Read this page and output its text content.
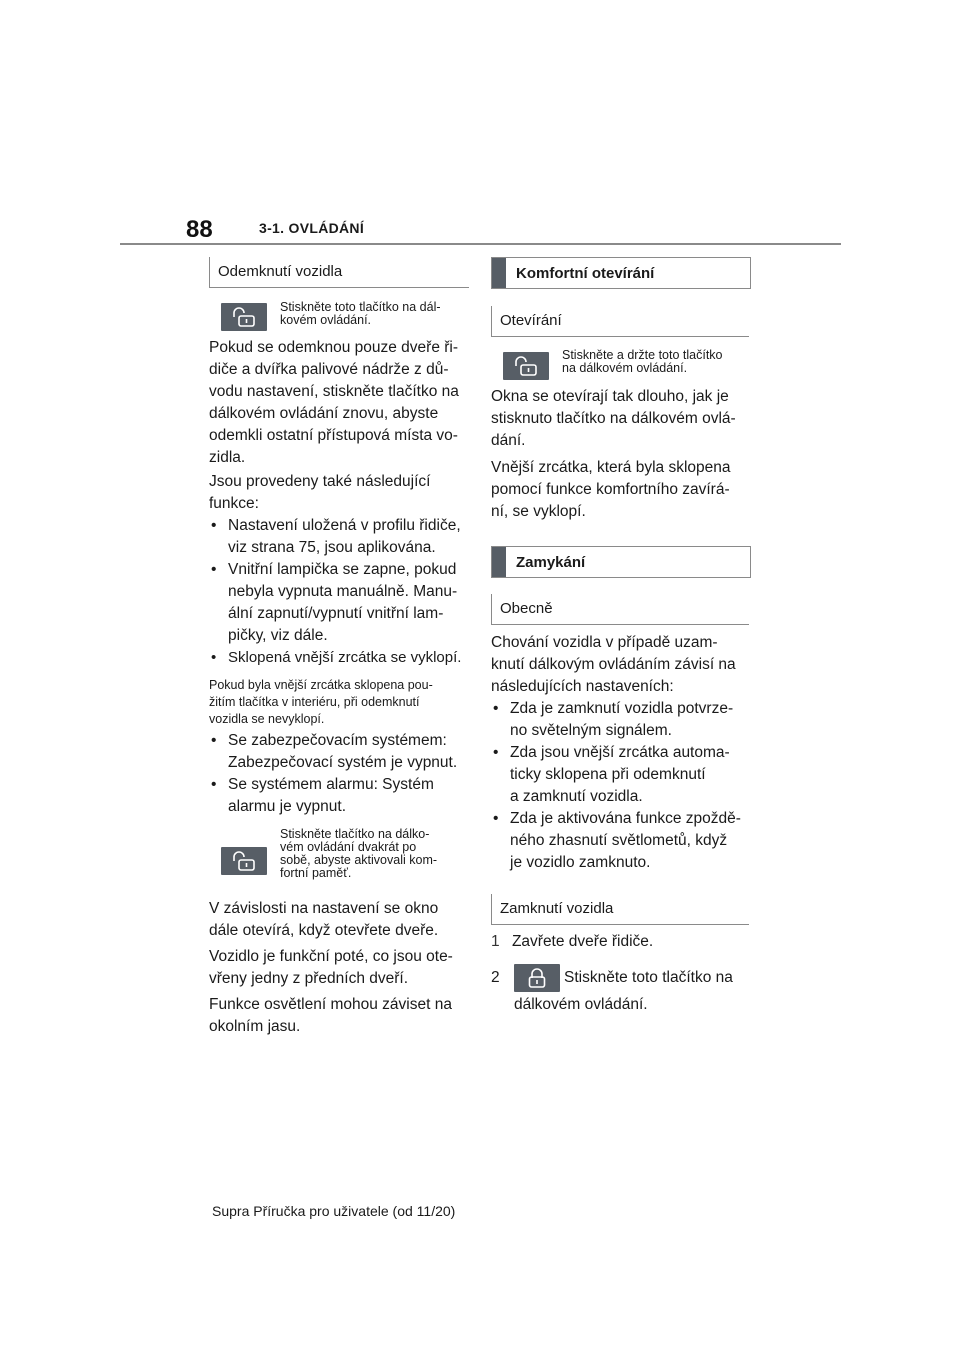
88	3-1. OVLÁDÁNÍ
Odemknutí vozidla
Stiskněte toto tlačítko na dál-
kovém ovládání.
Pokud se odemknou pouze dveře ři-
diče a dvířka palivové nádrže z dů-
vodu nastavení, stiskněte tlačítko na
dálkovém ovládání znovu, abyste
odemkli ostatní přístupová místa vo-
zidla.
Jsou provedeny také následující
funkce:
• Nastavení uložená v profilu řidiče,
viz strana 75, jsou aplikována.
• Vnitřní lampička se zapne, pokud
nebyla vypnuta manuálně. Manu-
ální zapnutí/vypnutí vnitřní lam-
pičky, viz dále.
• Sklopená vnější zrcátka se vyklopí.
Pokud byla vnější zrcátka sklopena pou-
žitím tlačítka v interiéru, při odemknutí
vozidla se nevyklopí.
• Se zabezpečovacím systémem:
Zabezpečovací systém je vypnut.
• Se systémem alarmu: Systém
alarmu je vypnut.
Stiskněte tlačítko na dálko-
vém ovládání dvakrát po
sobě, abyste aktivovali kom-
fortní paměť.
V závislosti na nastavení se okno
dále otevírá, když otevřete dveře.
Vozidlo je funkční poté, co jsou ote-
vřeny jedny z předních dveří.
Funkce osvětlení mohou záviset na
okolním jasu.
Komfortní otevírání
Otevírání
Stiskněte a držte toto tlačítko
na dálkovém ovládání.
Okna se otevírají tak dlouho, jak je
stisknuto tlačítko na dálkovém ovlá-
dání.
Vnější zrcátka, která byla sklopena
pomocí funkce komfortního zavírá-
ní, se vyklopí.
Zamykání
Obecně
Chování vozidla v případě uzam-
knutí dálkovým ovládáním závisí na
následujících nastaveních:
• Zda je zamknutí vozidla potvrze-
no světelným signálem.
• Zda jsou vnější zrcátka automa-
ticky sklopena při odemknutí
a zamknutí vozidla.
• Zda je aktivována funkce zpoždě-
ného zhasnutí světlometů, když
je vozidlo zamknuto.
Zamknutí vozidla
1 Zavřete dveře řidiče.
2	Stiskněte toto tlačítko na
dálkovém ovládání.
Supra Příručka pro uživatele (od 11/20)
